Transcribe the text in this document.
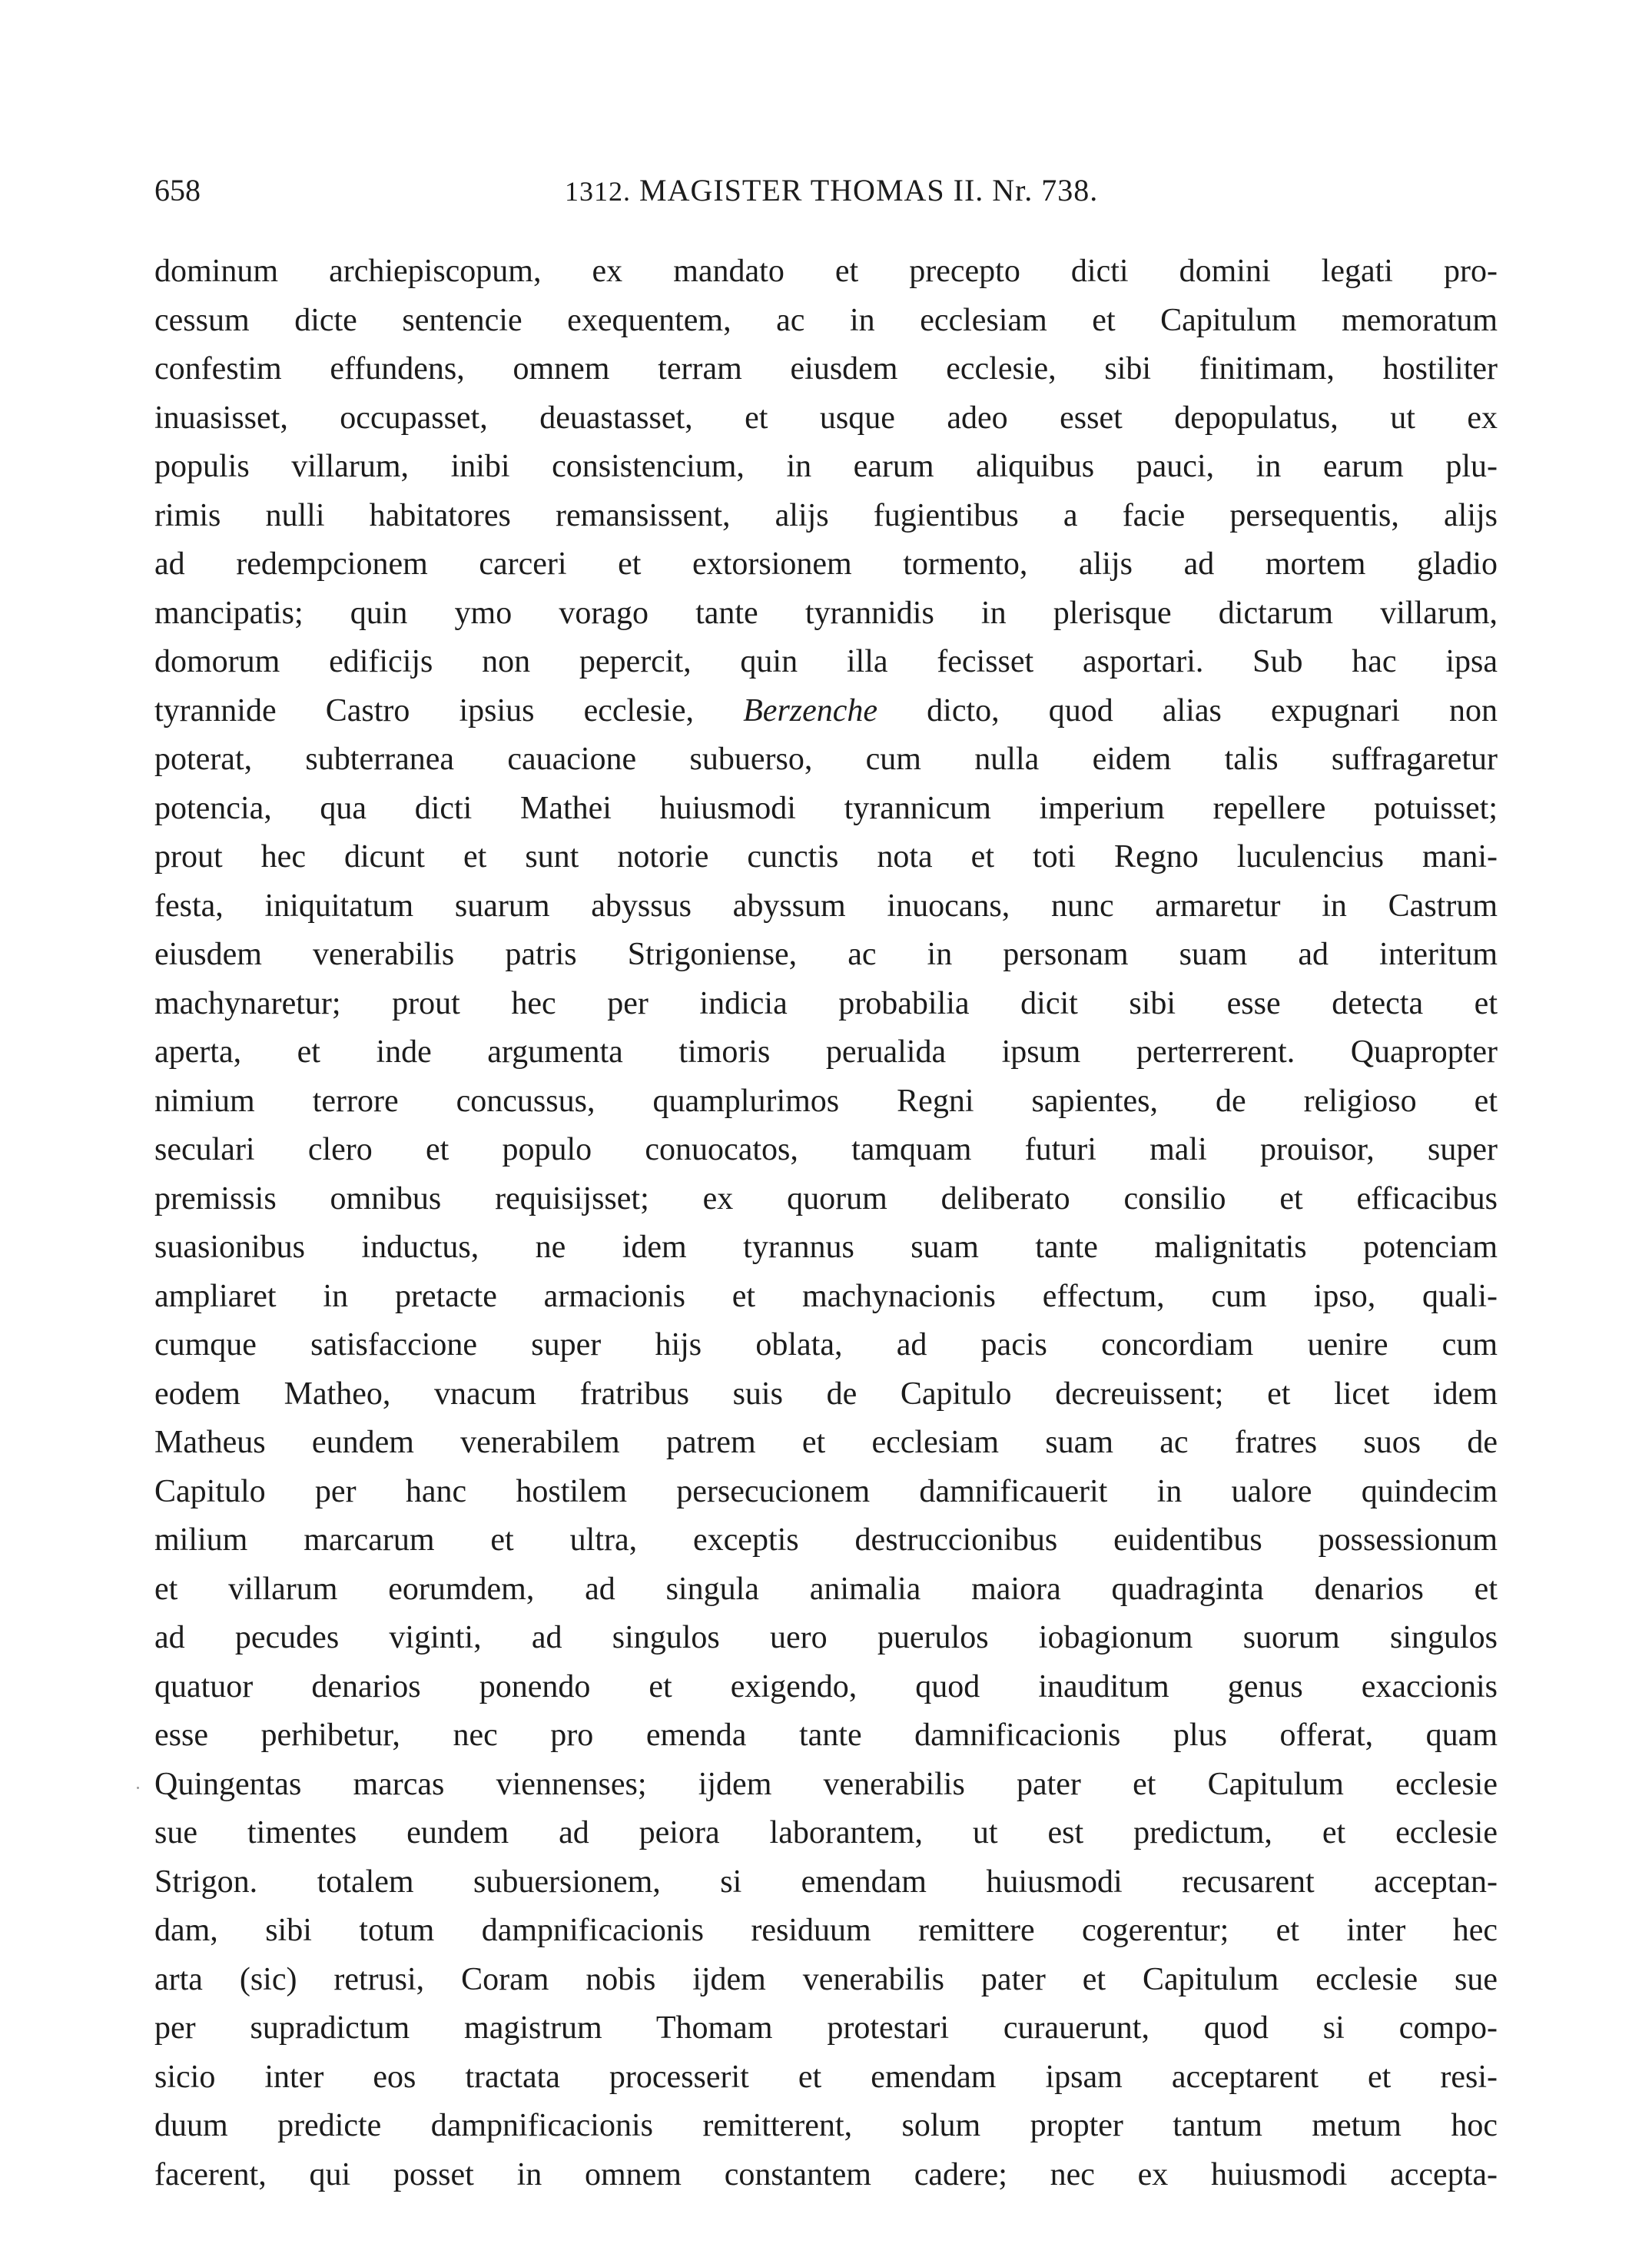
658	1312. MAGISTER THOMAS II. Nr. 738.
dominum archiepiscopum, ex mandato et precepto dicti domini legati pro-
cessum dicte sentencie exequentem, ac in ecclesiam et Capitulum memoratum
confestim effundens, omnem terram eiusdem ecclesie, sibi finitimam, hostiliter
inuasisset, occupasset, deuastasset, et usque adeo esset depopulatus, ut ex
populis villarum, inibi consistencium, in earum aliquibus pauci, in earum plu-
rimis nulli habitatores remansissent, alijs fugientibus a facie persequentis, alijs
ad redempcionem carceri et extorsionem tormento, alijs ad mortem gladio
mancipatis; quin ymo vorago tante tyrannidis in plerisque dictarum villarum,
domorum edificijs non pepercit, quin illa fecisset asportari. Sub hac ipsa
tyrannide Castro ipsius ecclesie, Berzenche dicto, quod alias expugnari non
poterat, subterranea cauacione subuerso, cum nulla eidem talis suffragaretur
potencia, qua dicti Mathei huiusmodi tyrannicum imperium repellere potuisset;
prout hec dicunt et sunt notorie cunctis nota et toti Regno luculencius mani-
festa, iniquitatum suarum abyssus abyssum inuocans, nunc armaretur in Castrum
eiusdem venerabilis patris Strigoniense, ac in personam suam ad interitum
machynaretur; prout hec per indicia probabilia dicit sibi esse detecta et
aperta, et inde argumenta timoris perualida ipsum perterrerent. Quapropter
nimium terrore concussus, quamplurimos Regni sapientes, de religioso et
seculari clero et populo conuocatos, tamquam futuri mali prouisor, super
premissis omnibus requisijsset; ex quorum deliberato consilio et efficacibus
suasionibus inductus, ne idem tyrannus suam tante malignitatis potenciam
ampliaret in pretacte armacionis et machynacionis effectum, cum ipso, quali-
cumque satisfaccione super hijs oblata, ad pacis concordiam uenire cum
eodem Matheo, vnacum fratribus suis de Capitulo decreuissent; et licet idem
Matheus eundem venerabilem patrem et ecclesiam suam ac fratres suos de
Capitulo per hanc hostilem persecucionem damnificauerit in ualore quindecim
milium marcarum et ultra, exceptis destruccionibus euidentibus possessionum
et villarum eorumdem, ad singula animalia maiora quadraginta denarios et
ad pecudes viginti, ad singulos uero puerulos iobagionum suorum singulos
quatuor denarios ponendo et exigendo, quod inauditum genus exaccionis
esse perhibetur, nec pro emenda tante damnificacionis plus offerat, quam
Quingentas marcas viennenses; ijdem venerabilis pater et Capitulum ecclesie
sue timentes eundem ad peiora laborantem, ut est predictum, et ecclesie
Strigon. totalem subuersionem, si emendam huiusmodi recusarent acceptan-
dam, sibi totum dampnificacionis residuum remittere cogerentur; et inter hec
arta (sic) retrusi, Coram nobis ijdem venerabilis pater et Capitulum ecclesie sue
per supradictum magistrum Thomam protestari curauerunt, quod si compo-
sicio inter eos tractata processerit et emendam ipsam acceptarent et resi-
duum predicte dampnificacionis remitterent, solum propter tantum metum hoc
facerent, qui posset in omnem constantem cadere; nec ex huiusmodi accepta-
